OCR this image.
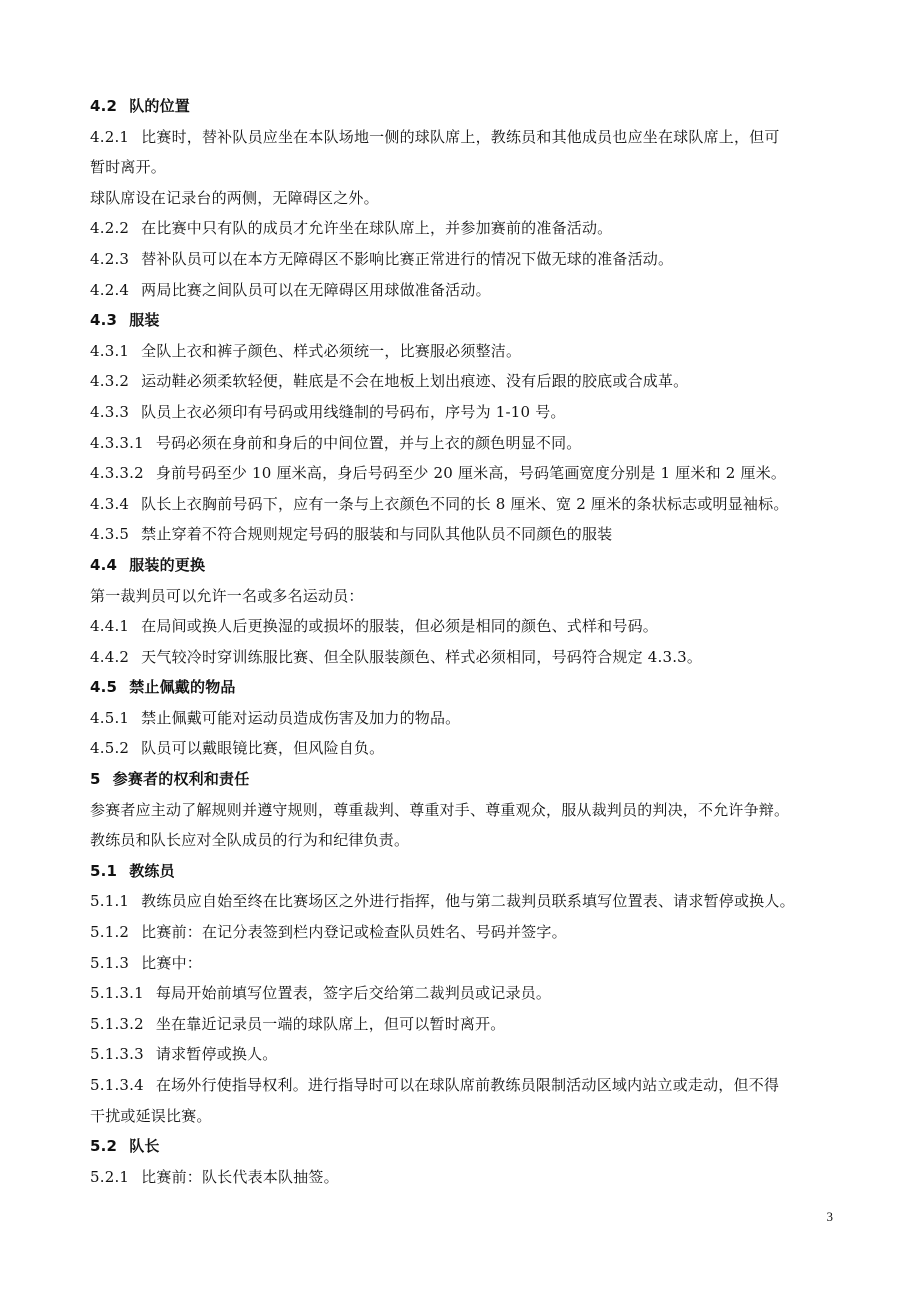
4.2 队的位置
4.2.1 比赛时，替补队员应坐在本队场地一侧的球队席上，教练员和其他成员也应坐在球队席上，但可
暂时离开。
球队席设在记录台的两侧，无障碍区之外。
4.2.2 在比赛中只有队的成员才允许坐在球队席上，并参加赛前的准备活动。
4.2.3 替补队员可以在本方无障碍区不影响比赛正常进行的情况下做无球的准备活动。
4.2.4 两局比赛之间队员可以在无障碍区用球做准备活动。
4.3 服装
4.3.1 全队上衣和裤子颜色、样式必须统一，比赛服必须整洁。
4.3.2 运动鞋必须柔软轻便，鞋底是不会在地板上划出痕迹、没有后跟的胶底或合成革。
4.3.3 队员上衣必须印有号码或用线缝制的号码布，序号为 1-10 号。
4.3.3.1 号码必须在身前和身后的中间位置，并与上衣的颜色明显不同。
4.3.3.2 身前号码至少 10 厘米高，身后号码至少 20 厘米高，号码笔画宽度分别是 1 厘米和 2 厘米。
4.3.4 队长上衣胸前号码下，应有一条与上衣颜色不同的长 8 厘米、宽 2 厘米的条状标志或明显袖标。
4.3.5 禁止穿着不符合规则规定号码的服装和与同队其他队员不同颜色的服装
4.4 服装的更换
第一裁判员可以允许一名或多名运动员：
4.4.1 在局间或换人后更换湿的或损坏的服装，但必须是相同的颜色、式样和号码。
4.4.2 天气较冷时穿训练服比赛、但全队服装颜色、样式必须相同，号码符合规定 4.3.3。
4.5 禁止佩戴的物品
4.5.1 禁止佩戴可能对运动员造成伤害及加力的物品。
4.5.2 队员可以戴眼镜比赛，但风险自负。
5 参赛者的权利和责任
参赛者应主动了解规则并遵守规则，尊重裁判、尊重对手、尊重观众，服从裁判员的判决，不允许争辩。
教练员和队长应对全队成员的行为和纪律负责。
5.1 教练员
5.1.1 教练员应自始至终在比赛场区之外进行指挥，他与第二裁判员联系填写位置表、请求暂停或换人。
5.1.2 比赛前：在记分表签到栏内登记或检查队员姓名、号码并签字。
5.1.3 比赛中：
5.1.3.1 每局开始前填写位置表，签字后交给第二裁判员或记录员。
5.1.3.2 坐在靠近记录员一端的球队席上，但可以暂时离开。
5.1.3.3 请求暂停或换人。
5.1.3.4 在场外行使指导权利。进行指导时可以在球队席前教练员限制活动区域内站立或走动，但不得
干扰或延误比赛。
5.2 队长
5.2.1 比赛前：队长代表本队抽签。
3
